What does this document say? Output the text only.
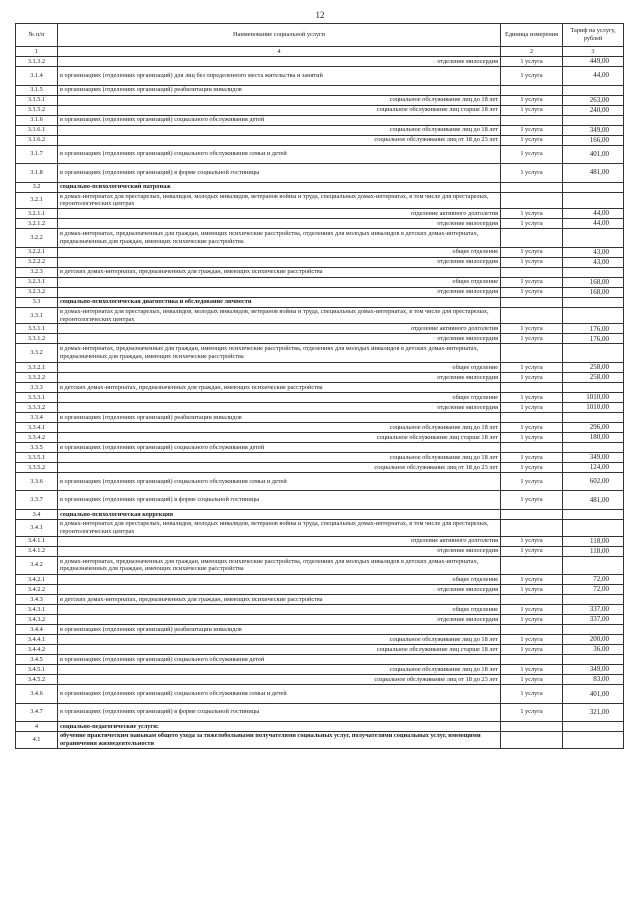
12
№ п/п	Наименование социальной услуги	Единица измерения	Тариф на услугу, рублей
1	4	2	3
3.1.3.2	отделение милосердия	1 услуга	449,00
3.1.4	в организациях (отделениях организаций) для лиц без определенного места жительства и занятий	1 услуга	44,00
3.1.5	в организациях (отделениях организаций) реабилитации инвалидов		
3.1.5.1	социальное обслуживание лиц до 18 лет	1 услуга	263,00
3.1.5.2	социальное обслуживание лиц старше 18 лет	1 услуга	240,00
3.1.6	в организациях (отделениях организаций) социального обслуживания детей		
3.1.6.1	социальное обслуживание лиц до 18 лет	1 услуга	349,00
3.1.6.2	социальное обслуживание лиц от 18 до 23 лет	1 услуга	166,00
3.1.7	в организациях (отделениях организаций) социального обслуживания семьи и детей	1 услуга	401,00
3.1.8	в организациях (отделениях организаций) в форме социальной гостиницы	1 услуга	481,00
3.2	социально-психологический патронаж		
3.2.1	в домах-интернатах для престарелых, инвалидов, молодых инвалидов, ветеранов войны и труда, специальных домах-интернатах, в том числе для престарелых, геронтологических центрах		
3.2.1.1	отделение активного долголетия	1 услуга	44,00
3.2.1.2	отделение милосердия	1 услуга	44,00
3.2.2	в домах-интернатах, предназначенных для граждан, имеющих психические расстройства, отделениях для молодых инвалидов в детских домах-интернатах, предназначенных для граждан, имеющих психические расстройства		
3.2.2.1	общее отделение	1 услуга	43,00
3.2.2.2	отделение милосердия	1 услуга	43,00
3.2.3	в детских домах-интернатах, предназначенных для граждан, имеющих психические расстройства		
3.2.3.1	общее отделение	1 услуга	168,00
3.2.3.2	отделение милосердия	1 услуга	168,00
3.3	социально-психологическая диагностика и обследование личности		
3.3.1	в домах-интернатах для престарелых, инвалидов, молодых инвалидов, ветеранов войны и труда, специальных домах-интернатах, в том числе для престарелых, геронтологических центрах		
3.3.1.1	отделение активного долголетия	1 услуга	176,00
3.3.1.2	отделение милосердия	1 услуга	176,00
3.3.2	в домах-интернатах, предназначенных для граждан, имеющих психические расстройства, отделениях для молодых инвалидов в детских домах-интернатах, предназначенных для граждан, имеющих психические расстройства		
3.3.2.1	общее отделение	1 услуга	258,00
3.3.2.2	отделение милосердия	1 услуга	258,00
3.3.3	в детских домах-интернатах, предназначенных для граждан, имеющих психические расстройства		
3.3.3.1	общее отделение	1 услуга	1010,00
3.3.3.2	отделение милосердия	1 услуга	1010,00
3.3.4	в организациях (отделениях организаций) реабилитации инвалидов		
3.3.4.1	социальное обслуживание лиц до 18 лет	1 услуга	296,00
3.3.4.2	социальное обслуживание лиц старше 18 лет	1 услуга	180,00
3.3.5	в организациях (отделениях организаций) социального обслуживания детей		
3.3.5.1	социальное обслуживание лиц до 18 лет	1 услуга	349,00
3.3.5.2	социальное обслуживание лиц от 18 до 23 лет	1 услуга	124,00
3.3.6	в организациях (отделениях организаций) социального обслуживания семьи и детей	1 услуга	602,00
3.3.7	в организациях (отделениях организаций) в форме социальной гостиницы	1 услуга	481,00
3.4	социально-психологическая коррекция		
3.4.1	в домах-интернатах для престарелых, инвалидов, молодых инвалидов, ветеранов войны и труда, специальных домах-интернатах, в том числе для престарелых, геронтологических центрах		
3.4.1.1	отделение активного долголетия	1 услуга	118,00
3.4.1.2	отделение милосердия	1 услуга	118,00
3.4.2	в домах-интернатах, предназначенных для граждан, имеющих психические расстройства, отделениях для молодых инвалидов в детских домах-интернатах, предназначенных для граждан, имеющих психические расстройства		
3.4.2.1	общее отделение	1 услуга	72,00
3.4.2.2	отделение милосердия	1 услуга	72,00
3.4.3	в детских домах-интернатах, предназначенных для граждан, имеющих психические расстройства		
3.4.3.1	общее отделение	1 услуга	337,00
3.4.3.2	отделение милосердия	1 услуга	337,00
3.4.4	в организациях (отделениях организаций) реабилитации инвалидов		
3.4.4.1	социальное обслуживание лиц до 18 лет	1 услуга	200,00
3.4.4.2	социальное обслуживание лиц старше 18 лет	1 услуга	36,00
3.4.5	в организациях (отделениях организаций) социального обслуживания детей		
3.4.5.1	социальное обслуживание лиц до 18 лет	1 услуга	349,00
3.4.5.2	социальное обслуживание лиц от 18 до 23 лет	1 услуга	83,00
3.4.6	в организациях (отделениях организаций) социального обслуживания семьи и детей	1 услуга	401,00
3.4.7	в организациях (отделениях организаций) в форме социальной гостиницы	1 услуга	321,00
4	социально-педагогические услуги:		
4.1	обучение практическим навыкам общего ухода за тяжелобольными получателями социальных услуг, получателями социальных услуг, имеющими ограничения жизнедеятельности		
